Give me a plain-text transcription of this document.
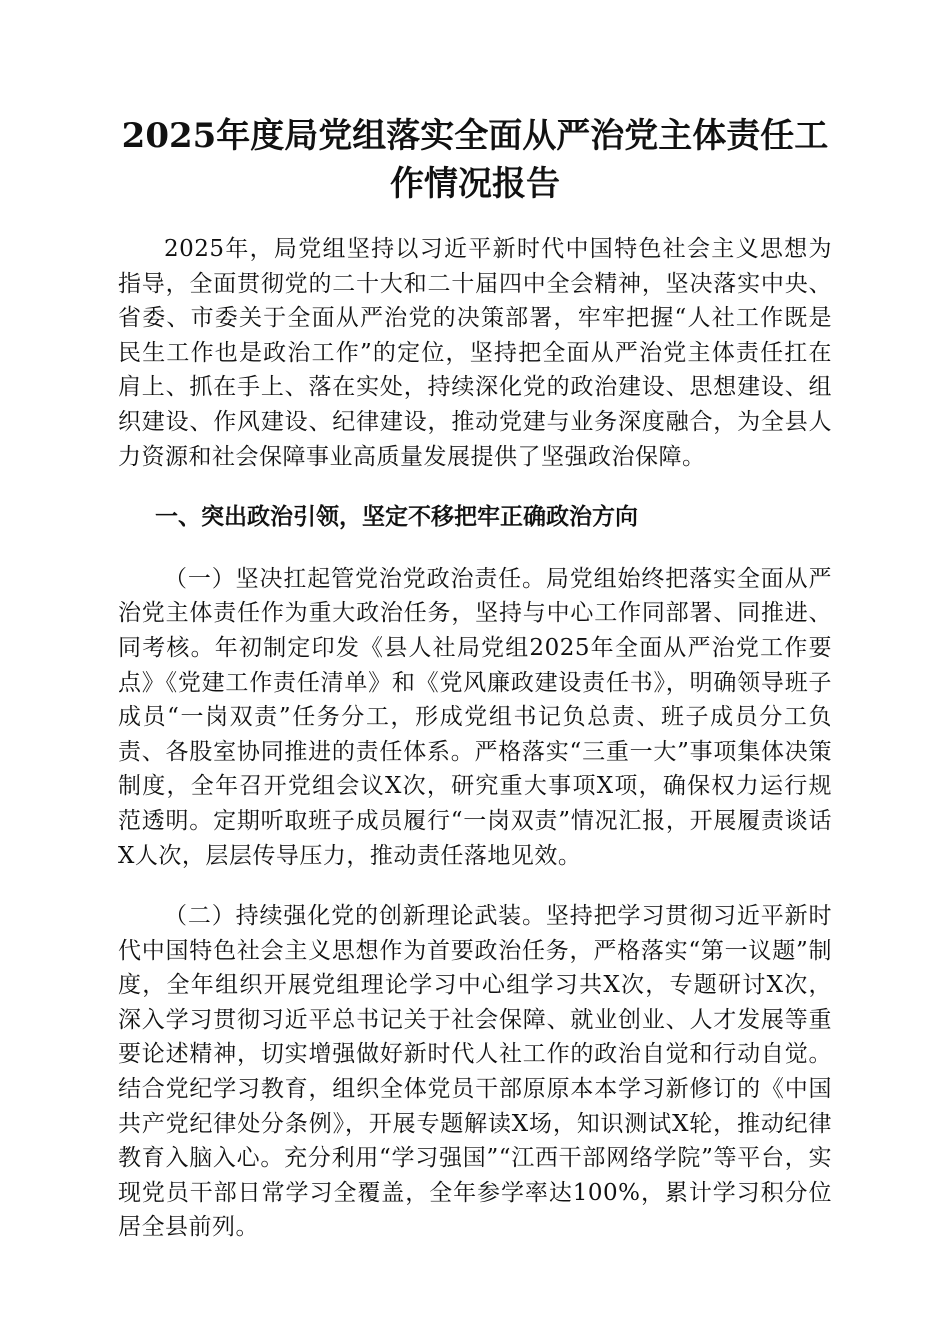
2025年度局党组落实全面从严治党主体责任工作情况报告

2025年，局党组坚持以习近平新时代中国特色社会主义思想为指导，全面贯彻党的二十大和二十届四中全会精神，坚决落实中央、省委、市委关于全面从严治党的决策部署，牢牢把握“人社工作既是民生工作也是政治工作”的定位，坚持把全面从严治党主体责任扛在肩上、抓在手上、落在实处，持续深化党的政治建设、思想建设、组织建设、作风建设、纪律建设，推动党建与业务深度融合，为全县人力资源和社会保障事业高质量发展提供了坚强政治保障。

一、突出政治引领，坚定不移把牢正确政治方向

（一）坚决扛起管党治党政治责任。局党组始终把落实全面从严治党主体责任作为重大政治任务，坚持与中心工作同部署、同推进、同考核。年初制定印发《县人社局党组2025年全面从严治党工作要点》《党建工作责任清单》和《党风廉政建设责任书》，明确领导班子成员“一岗双责”任务分工，形成党组书记负总责、班子成员分工负责、各股室协同推进的责任体系。严格落实“三重一大”事项集体决策制度，全年召开党组会议X次，研究重大事项X项，确保权力运行规范透明。定期听取班子成员履行“一岗双责”情况汇报，开展履责谈话X人次，层层传导压力，推动责任落地见效。

（二）持续强化党的创新理论武装。坚持把学习贯彻习近平新时代中国特色社会主义思想作为首要政治任务，严格落实“第一议题”制度，全年组织开展党组理论学习中心组学习共X次，专题研讨X次，深入学习贯彻习近平总书记关于社会保障、就业创业、人才发展等重要论述精神，切实增强做好新时代人社工作的政治自觉和行动自觉。结合党纪学习教育，组织全体党员干部原原本本学习新修订的《中国共产党纪律处分条例》，开展专题解读X场，知识测试X轮，推动纪律教育入脑入心。充分利用“学习强国”“江西干部网络学院”等平台，实现党员干部日常学习全覆盖，全年参学率达100%，累计学习积分位居全县前列。
